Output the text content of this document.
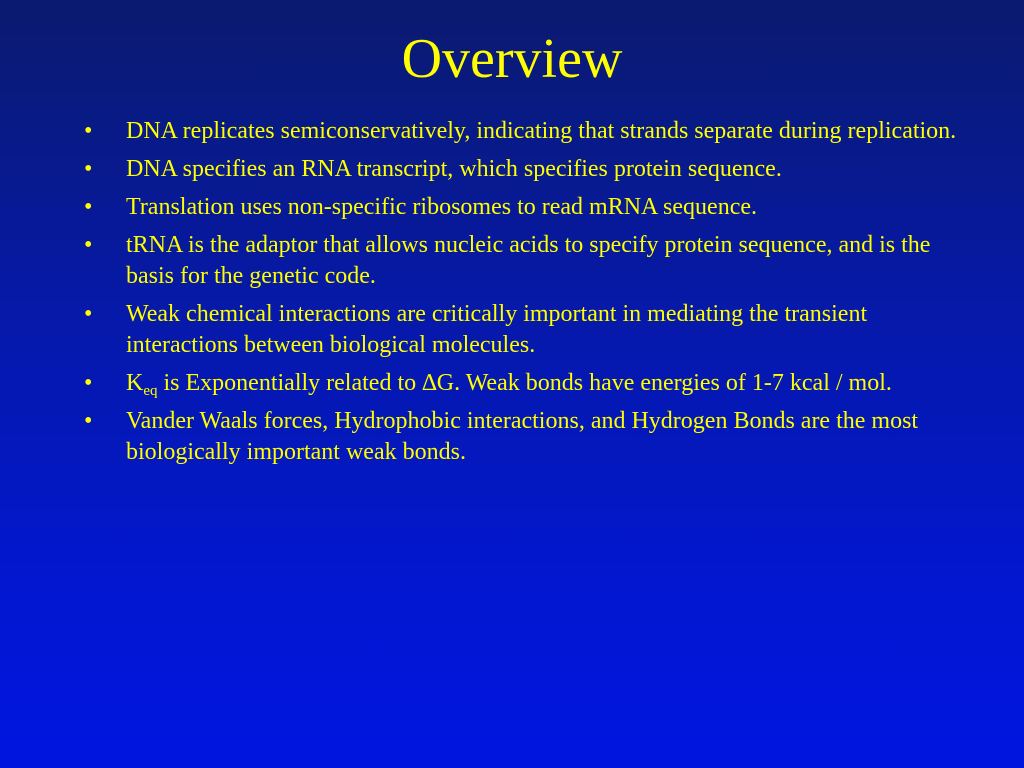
Overview
•	DNA replicates semiconservatively, indicating that strands separate during replication.
•	DNA specifies an RNA transcript, which specifies protein sequence.
•	Translation uses non-specific ribosomes to read mRNA sequence.
•	tRNA is the adaptor that allows nucleic acids to specify protein sequence, and is the basis for the genetic code.
•	Weak chemical interactions are critically important in mediating the transient interactions between biological molecules.
•	$K_{eq}$ is Exponentially related to ∆G. Weak bonds have energies of 1-7 kcal / mol.
•	Vander Waals forces, Hydrophobic interactions, and Hydrogen Bonds are the most biologically important weak bonds.
